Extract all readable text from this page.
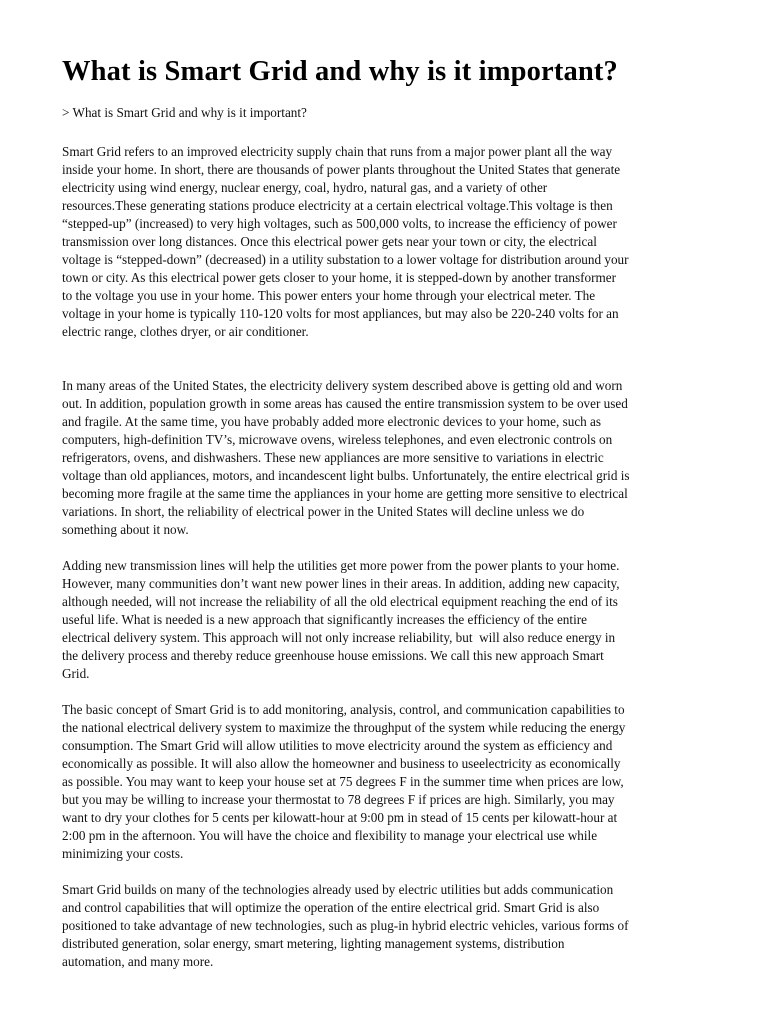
What is Smart Grid and why is it important?
> What is Smart Grid and why is it important?

Smart Grid refers to an improved electricity supply chain that runs from a major power plant all the way
inside your home. In short, there are thousands of power plants throughout the United States that generate
electricity using wind energy, nuclear energy, coal, hydro, natural gas, and a variety of other
resources.These generating stations produce electricity at a certain electrical voltage.This voltage is then
“stepped-up” (increased) to very high voltages, such as 500,000 volts, to increase the efficiency of power
transmission over long distances. Once this electrical power gets near your town or city, the electrical
voltage is “stepped-down” (decreased) in a utility substation to a lower voltage for distribution around your
town or city. As this electrical power gets closer to your home, it is stepped-down by another transformer
to the voltage you use in your home. This power enters your home through your electrical meter. The
voltage in your home is typically 110-120 volts for most appliances, but may also be 220-240 volts for an
electric range, clothes dryer, or air conditioner.

In many areas of the United States, the electricity delivery system described above is getting old and worn
out. In addition, population growth in some areas has caused the entire transmission system to be over used
and fragile. At the same time, you have probably added more electronic devices to your home, such as
computers, high-definition TV’s, microwave ovens, wireless telephones, and even electronic controls on
refrigerators, ovens, and dishwashers. These new appliances are more sensitive to variations in electric
voltage than old appliances, motors, and incandescent light bulbs. Unfortunately, the entire electrical grid is
becoming more fragile at the same time the appliances in your home are getting more sensitive to electrical
variations. In short, the reliability of electrical power in the United States will decline unless we do
something about it now.

Adding new transmission lines will help the utilities get more power from the power plants to your home.
However, many communities don’t want new power lines in their areas. In addition, adding new capacity,
although needed, will not increase the reliability of all the old electrical equipment reaching the end of its
useful life. What is needed is a new approach that significantly increases the efficiency of the entire
electrical delivery system. This approach will not only increase reliability, but  will also reduce energy in
the delivery process and thereby reduce greenhouse house emissions. We call this new approach Smart
Grid.

The basic concept of Smart Grid is to add monitoring, analysis, control, and communication capabilities to
the national electrical delivery system to maximize the throughput of the system while reducing the energy
consumption. The Smart Grid will allow utilities to move electricity around the system as efficiency and
economically as possible. It will also allow the homeowner and business to useelectricity as economically
as possible. You may want to keep your house set at 75 degrees F in the summer time when prices are low,
but you may be willing to increase your thermostat to 78 degrees F if prices are high. Similarly, you may
want to dry your clothes for 5 cents per kilowatt-hour at 9:00 pm in stead of 15 cents per kilowatt-hour at
2:00 pm in the afternoon. You will have the choice and flexibility to manage your electrical use while
minimizing your costs.

Smart Grid builds on many of the technologies already used by electric utilities but adds communication
and control capabilities that will optimize the operation of the entire electrical grid. Smart Grid is also
positioned to take advantage of new technologies, such as plug-in hybrid electric vehicles, various forms of
distributed generation, solar energy, smart metering, lighting management systems, distribution
automation, and many more.
